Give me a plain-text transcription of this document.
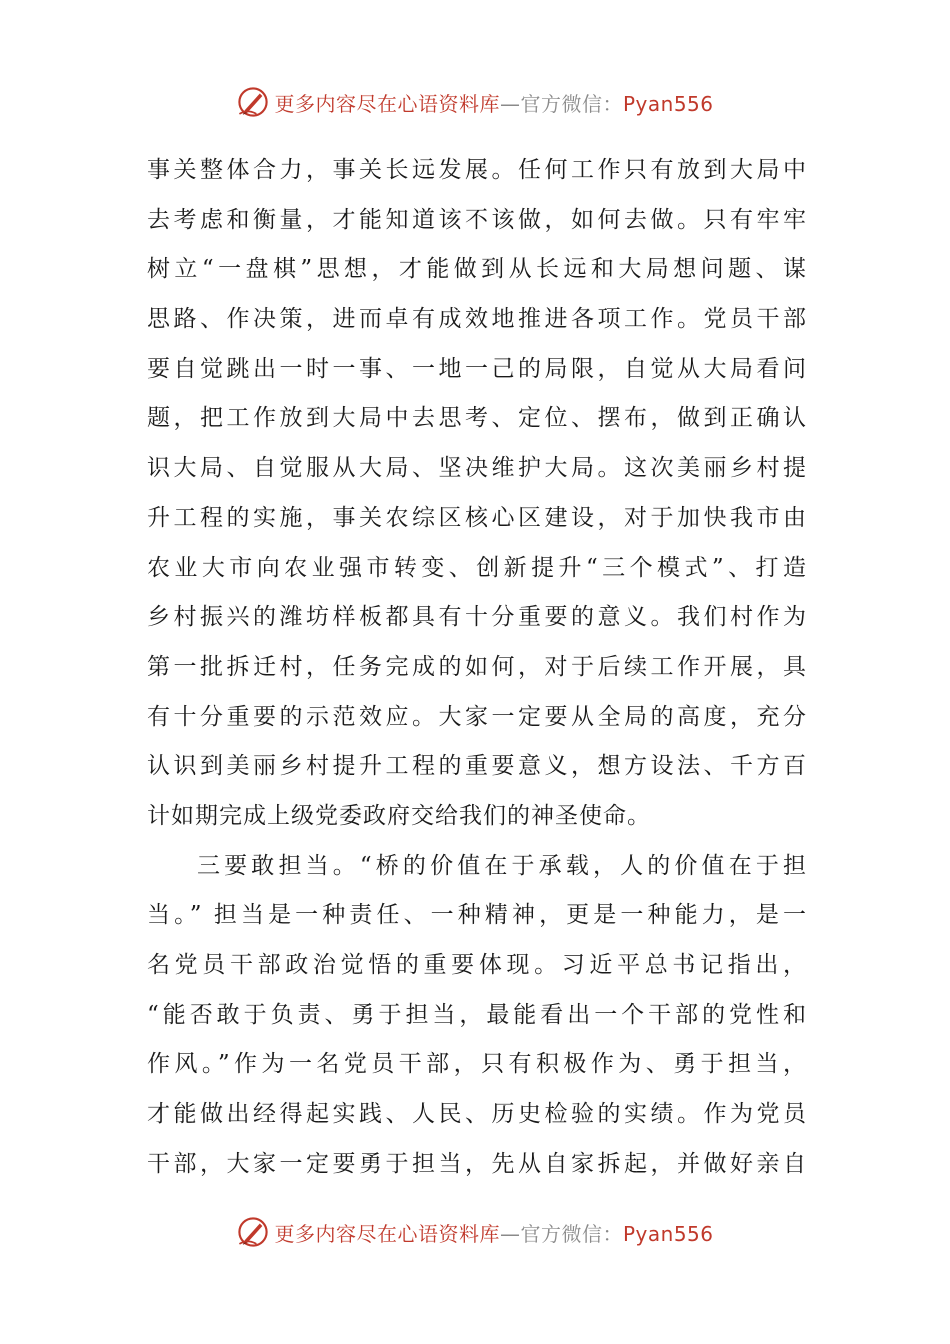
更多内容尽在心语资料库—官方微信：Pyan556
事关整体合力，事关长远发展。任何工作只有放到大局中
去考虑和衡量，才能知道该不该做，如何去做。只有牢牢
树立“一盘棋”思想，才能做到从长远和大局想问题、谋
思路、作决策，进而卓有成效地推进各项工作。党员干部
要自觉跳出一时一事、一地一己的局限，自觉从大局看问
题，把工作放到大局中去思考、定位、摆布，做到正确认
识大局、自觉服从大局、坚决维护大局。这次美丽乡村提
升工程的实施，事关农综区核心区建设，对于加快我市由
农业大市向农业强市转变、创新提升“三个模式”、打造
乡村振兴的潍坊样板都具有十分重要的意义。我们村作为
第一批拆迁村，任务完成的如何，对于后续工作开展，具
有十分重要的示范效应。大家一定要从全局的高度，充分
认识到美丽乡村提升工程的重要意义，想方设法、千方百
计如期完成上级党委政府交给我们的神圣使命。
三要敢担当。“桥的价值在于承载，人的价值在于担
当。” 担当是一种责任、一种精神，更是一种能力，是一
名党员干部政治觉悟的重要体现。习近平总书记指出，
“能否敢于负责、勇于担当，最能看出一个干部的党性和
作风。”作为一名党员干部，只有积极作为、勇于担当，
才能做出经得起实践、人民、历史检验的实绩。作为党员
干部，大家一定要勇于担当，先从自家拆起，并做好亲自
更多内容尽在心语资料库—官方微信：Pyan556
